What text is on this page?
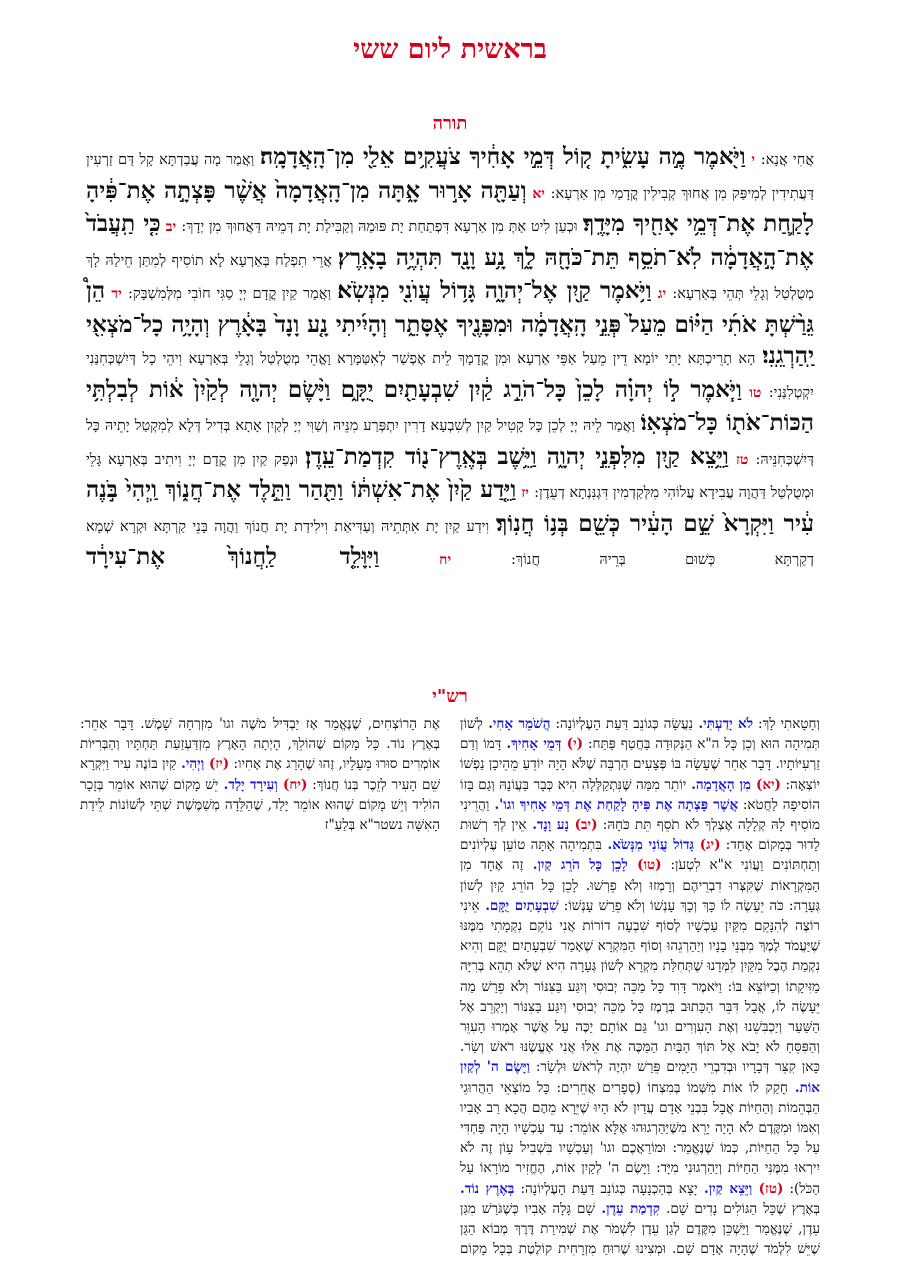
בראשית ליום ששי
תורה
אֲחִי אֲנָא: י וַיֹּ֖אמֶר מֶ֣ה עָשִׂ֑יתָ ק֚וֹל דְּמֵ֣י אָחִ֔יךָ צֹעֲקִ֥ים אֵלַ֖י מִן־הָֽאֲדָמָֽה׃ וַאֲמַר מָה עֲבַדְתָּא קָל דַּם זַרְעִין דַּעֲתִידִין לְמִיפַּק מִן אֲחוּךְ קְבִילִין קֳדָמַי מִן אַרְעָא: יא וְעַתָּ֖ה אָר֣וּר אָ֑תָּה מִן־הָֽאֲדָמָה֙ אֲשֶׁ֨ר פָּצְתָ֣ה אֶת־פִּ֔יהָ לָקַ֛חַת אֶת־דְּמֵ֥י אָחִ֖יךָ מִיָּדֶֽךָ׃ וּכְעַן לִיט אַתְּ מִן אַרְעָא דִּפְתַחַת יָת פּוּמַהּ וְקַבִּילַת יָת דְּמֵיהּ דַּאֲחוּךְ מִן יְדָךְ: יב כִּ֤י תַֽעֲבֹד֙ אֶת־הָ֣אֲדָמָ֔ה לֹֽא־תֹסֵ֥ף תֵּת־כֹּחָ֖הּ לָ֑ךְ נָ֥ע וָנָ֖ד תִּהְיֶ֥ה בָאָֽרֶץ׃ אֲרֵי תִפְלַח בְּאַרְעָא לָא תוֹסִיף לְמִתַּן חֵילַהּ לָךְ מְטֻלְטַל וְגָלֵי תְּהֵי בְּאַרְעָא: יג וַיֹּ֥אמֶר קַ֖יִן אֶל־יְהוָ֑ה גָּד֥וֹל עֲוֺנִ֖י מִנְּשֹֽׂא׃ וַאֲמַר קַיִן קֳדָם יְיָ סַגִּי חוֹבִי מִלְּמִשְׁבָּק: יד הֵן֩ גֵּרַ֨שְׁתָּ אֹתִ֜י הַיּ֗וֹם מֵעַל֙ פְּנֵ֣י הָֽאֲדָמָ֔ה וּמִפָּנֶ֖יךָ אֶסָּתֵ֑ר וְהָיִ֜יתִי נָ֤ע וָנָד֙ בָּאָ֔רֶץ וְהָיָ֥ה כָל־מֹצְאִ֖י יַֽהַרְגֵֽנִי׃ הָא תָרֵיכְתָּא יָתִי יוֹמָא דֵין מֵעַל אַפֵּי אַרְעָא וּמִן קֳדָמָךְ לֵית אֶפְשַׁר לְאִטַּמָּרָא וָאֱהֵי מְטֻלְטַל וְגָלֵי בְּאַרְעָא וִיהֵי כָל דְּיִשְׁכְּחִנַּנִי יִקְטְלִנַּנִי: טו וַיֹּ֧אמֶר ל֣וֹ יְהוָ֗ה לָכֵן֙ כָּל־הֹרֵ֣ג קַ֔יִן שִׁבְעָתַ֖יִם יֻקָּ֑ם וַיָּ֨שֶׂם יְהוָ֤ה לְקַ֙יִן֙ א֔וֹת לְבִלְתִּ֥י הַכּוֹת־אֹת֖וֹ כָּל־מֹצְאֽוֹ׃ וַאֲמַר לֵיהּ יְיָ לְכֵן כָּל קָטִיל קַיִן לְשִׁבְעָא דָרִין יִתְפְּרַע מִנֵּיהּ וְשַׁוִּי יְיָ לְקַיִן אָתָא בְּדִיל דְּלָא לְמִקְטַל יָתֵיהּ כָּל דְּיִשְׁכְּחִנֵּיהּ: טז וַיֵּ֥צֵא קַ֖יִן מִלִּפְנֵ֣י יְהוָ֑ה וַיֵּ֥שֶׁב בְּאֶֽרֶץ־נ֖וֹד קִדְמַת־עֵֽדֶן׃ וּנְפַק קַיִן מִן קֳדָם יְיָ וִיתִיב בְּאַרְעָא גָּלֵי וּמְטֻלְטַל דַּהֲוָה עֲבִידָא עֲלוֹהִי מִלְּקַדְמִין דִּגְנִּנְתָא דְעֵדֶן: יז וַיֵּ֤דַע קַ֙יִן֙ אֶת־אִשְׁתּ֔וֹ וַתַּ֖הַר וַתֵּ֣לֶד אֶת־חֲנ֑וֹךְ וַֽיְהִי֙ בֹּ֣נֶה עִ֔יר וַיִּקְרָא֙ שֵׁ֣ם הָעִ֔יר כְּשֵׁ֖ם בְּנ֥וֹ חֲנֽוֹךְ׃ וִידַע קַיִן יָת אִתְּתֵיהּ וְעַדִּיאַת וִילִידַת יָת חֲנוֹךְ וַהֲוָה בָּנֵי קַרְתָּא וּקְרָא שְׁמָא דְקַרְתָּא כְּשׁוּם בְּרֵיהּ חֲנוֹךְ: יח וַיִּוָּלֵ֤ד לַֽחֲנוֹךְ֙ אֶת־עִירָ֔ד
רש"י

וְחָטָאתִי לָךְ:

לֹא יָדַעְתִּי. נַעֲשָׂה כְּגוֹנֵב דַּעַת הָעֶלְיוֹנָה:

הֲשֹׁמֵר אָחִי. לְשׁוֹן תְּמִיהָה הוּא וְכֵן כָּל ה"א הַנְּקוּדָה בַּחֲטַף פַּתַּח:

(י) דְּמֵי אָחִיךָ. דָּמוֹ וְדַם זַרְעִיּוֹתָיו. דָּבָר אַחֵר שֶׁעָשָׂה בּוֹ פְּצָעִים הַרְבֵּה שֶׁלֹּא הָיָה יוֹדֵעַ מֵהֵיכָן נַפְשׁוֹ יוֹצְאָה:

(יא) מִן הָאֲדָמָה. יוֹתֵר מִמַּה שֶּׁנִּתְקַלְּלָה הִיא כְּבָר בַּעֲוֹנָהּ וְגַם בָּזוֹ הוֹסִיפָה לַחֲטֹא:

אֲשֶׁר פָּצְתָה אֶת פִּיהָ לָקַחַת אֶת דְּמֵי אָחִיךָ וגו'. וַהֲרֵינִי מוֹסִיף לָהּ קְלָלָה אֶצְלְךָ לֹא תֹסֵף תֵּת כֹּחָהּ:

(יב) נָע וָנָד. אֵין לְךָ רְשׁוּת לָדוּר בְּמָקוֹם אֶחָד:

(יג) גָּדוֹל עֲוֹנִי מִנְּשֹׂא. בִּתְמִיהָה אַתָּה טוֹעֵן עֶלְיוֹנִים וְתַחְתּוֹנִים וַעֲוֹנִי א"א לִטְעֹן:

(טו) לָכֵן כָּל הֹרֵג קַיִן. זֶה אֶחָד מִן הַמִּקְרָאוֹת שֶׁקִּצְּרוּ דִבְרֵיהֶם וְרָמְזוּ וְלֹא פֵרְשׁוּ. לָכֵן כָּל הוֹרֵג קַיִן לְשׁוֹן גְּעָרָה: כֹּה יֵעָשֶׂה לוֹ כָּךְ וְכָךְ עָנְשׁוֹ וְלֹא פֵרַשׁ עָנְשׁוֹ:

שִׁבְעָתַיִם יֻקָּם. אֵינִי רוֹצֶה לְהִנָּקֵם מִקַּיִן עַכְשָׁיו לְסוֹף שִׁבְעָה דוֹרוֹת אֲנִי נוֹקֵם נִקְמָתִי מִמֶּנּוּ שֶׁיַּעֲמֹד לֶמֶךְ מִבְּנֵי בָנָיו וְיַהַרְגֵהוּ וְסוֹף הַמִּקְרָא שֶׁאָמַר שִׁבְעָתַיִם יֻקָּם וְהִיא נִקְמַת הֶבֶל מִקַּיִן לִמְּדָנוּ שֶׁתְּחִלַּת מִקְרָא לְשׁוֹן גְּעָרָה הִיא שֶׁלֹּא תְהֵא בְּרִיָּה מַזִּיקָתוֹ וְכַיּוֹצֵא בּוֹ: וַיֹּאמֶר דָּוִד כָּל מַכֵּה יְבוּסִי וְיִגַּע בַּצִּנּוֹר וְלֹא פֵרַשׁ מַה יֵּעָשֶׂה לוֹ, אֲבָל דִּבֵּר הַכָּתוּב בְּרֶמֶז כָּל מַכֵּה יְבוּסִי וְיִגַּע בַּצִּנּוֹר וְיַקְרֵב אֶל הַשַּׁעַר וְיַכְבִּשֵׁנוּ וְאֶת הָעִוְרִים וגו' גַּם אוֹתָם יַכֶּה עַל אֲשֶׁר אָמְרוּ הָעִוֵּר וְהַפִּסֵּחַ לֹא יָבֹא אֶל תּוֹךְ הַבַּיִת הַמַּכֶּה אֶת אֵלּוּ אֲנִי אֶעֱשֶׂנּוּ רֹאשׁ וְשַׂר. כָּאן קִצֵּר דְּבָרָיו וּבְדִבְרֵי הַיָּמִים פֵּרַשׁ יִהְיֶה לְרֹאשׁ וּלְשָׂר:

וַיָּשֶׂם ה' לְקַיִן אוֹת. חָקַק לוֹ אוֹת מִשְּׁמוֹ בְּמִצְחוֹ (סְפָרִים אֲחֵרִים: כָּל מוֹצְאֵי הַהֲרוּגֵי הַבְּהֵמוֹת וְהַחַיּוֹת אֲבָל בִּבְנֵי אָדָם עֲדַיִן לֹא הָיוּ שֶׁיֵּרָא מֵהֶם הֲכָא רַב אָבִיו וְאִמּוֹ וּמִקֶּדֶם לֹא הָיָה יָרֵא מִשֶּׁיַּהַרְגוּהוּ אֶלָּא אוֹמֵר: עַד עַכְשָׁיו הָיָה פַּחְדִּי עַל כָּל הַחַיּוֹת, כְּמוֹ שֶׁנֶּאֱמַר: וּמוֹרַאֲכֶם וגו' וְעַכְשָׁיו בִּשְׁבִיל עָוֹן זֶה לֹא יִירְאוּ מִמֶּנִּי הַחַיּוֹת וְיַהַרְגוּנִי מִיָּד: וַיָּשֶׂם ה' לְקַיִן אוֹת, הֶחֱזִיר מוֹרָאוֹ עַל הַכֹּל):

(טז) וַיֵּצֵא קַיִן. יָצָא בְּהַכְנָעָה כְּגוֹנֵב דַּעַת הָעֶלְיוֹנָה:

בְּאֶרֶץ נוֹד. בְּאֶרֶץ שֶׁכָּל הַגּוֹלִים נָדִים שָׁם.

קִדְמַת עֵדֶן. שָׁם גָּלָה אָבִיו כְּשֶׁגֹּרַשׁ מִגַּן עֵדֶן, שֶׁנֶּאֱמַר וַיַּשְׁכֵּן מִקֶּדֶם לְגַן עֵדֶן לִשְׁמֹר אֶת שְׁמִירַת דֶּרֶךְ מְבוֹא הַגַּן שֶׁיֵּשׁ לִלְמֹד שֶׁהָיָה אָדָם שָׁם. וּמְצִינוּ שֶׁרוּחַ מִזְרָחִית קוֹלֶטֶת בְּכָל מָקוֹם אֶת הָרוֹצְחִים, שֶׁנֶּאֱמַר אָז יַבְדִּיל מֹשֶׁה וגו' מִזְרְחָה שָׁמֶשׁ. דָּבָר אַחֵר: בְּאֶרֶץ נוֹד. כָּל מָקוֹם שֶׁהוֹלֵךְ, הָיְתָה הָאָרֶץ מִזְדַּעְזַעַת תַּחְתָּיו וְהַבְּרִיּוֹת אוֹמְרִים סוּרוּ מֵעָלָיו, זֶהוּ שֶׁהָרַג אֶת אָחִיו:

(יז) וַיְהִי. קַיִן בּוֹנֶה עִיר וַיִּקְרָא שֵׁם הָעִיר לְזֵכֶר בְּנוֹ חֲנוֹךְ:

(יח) וְעִירָד יָלַד. יֵשׁ מָקוֹם שֶׁהוּא אוֹמֵר בְּזָכָר הוֹלִיד וְיֵשׁ מָקוֹם שֶׁהוּא אוֹמֵר יָלַד, שֶׁהַלֵּדָה מְשַׁמֶּשֶׁת שְׁתֵּי לְשׁוֹנוֹת לֵידַת הָאִשָּׁה נשטר"א בְּלַעַ"ז
